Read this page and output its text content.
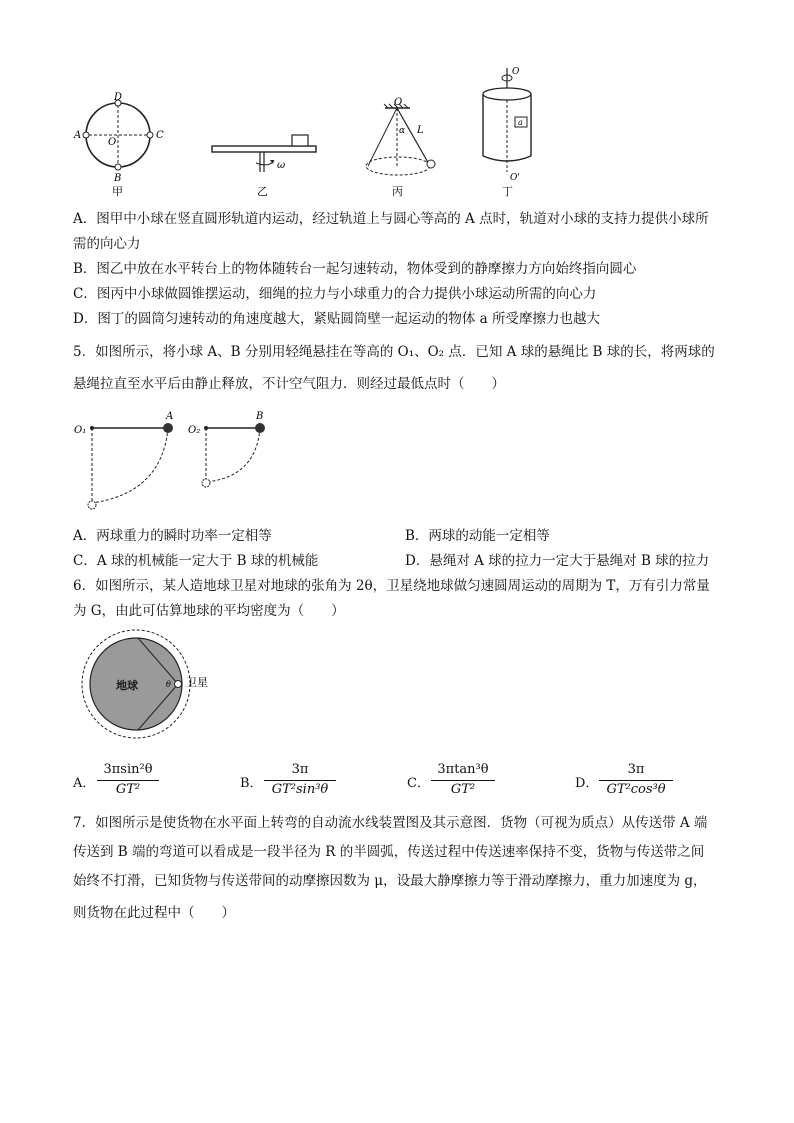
D
A	C
O
B
甲
ω
乙
O
α L
丙
O
a
O'
丁
A．图甲中小球在竖直圆形轨道内运动，经过轨道上与圆心等高的 A 点时，轨道对小球的支持力提供小球所
需的向心力
B．图乙中放在水平转台上的物体随转台一起匀速转动，物体受到的静摩擦力方向始终指向圆心
C．图丙中小球做圆锥摆运动，细绳的拉力与小球重力的合力提供小球运动所需的向心力
D．图丁的圆筒匀速转动的角速度越大，紧贴圆筒壁一起运动的物体 a 所受摩擦力也越大
5．如图所示，将小球 A、B 分别用轻绳悬挂在等高的 O₁、O₂ 点．已知 A 球的悬绳比 B 球的长，将两球的
悬绳拉直至水平后由静止释放，不计空气阻力．则经过最低点时（　　）
O₁
A
O₂
B
A．两球重力的瞬时功率一定相等	B．两球的动能一定相等
C．A 球的机械能一定大于 B 球的机械能	D．悬绳对 A 球的拉力一定大于悬绳对 B 球的拉力
6．如图所示，某人造地球卫星对地球的张角为 2θ，卫星绕地球做匀速圆周运动的周期为 T，万有引力常量
为 G，由此可估算地球的平均密度为（　　）
地球	θ 卫星
A．
3πsin²θ
GT²	B．
3π
GT²sin³θ	C．
3πtan³θ
GT²	D．
3π
GT²cos³θ
7．如图所示是使货物在水平面上转弯的自动流水线装置图及其示意图．货物（可视为质点）从传送带 A 端
传送到 B 端的弯道可以看成是一段半径为 R 的半圆弧，传送过程中传送速率保持不变，货物与传送带之间
始终不打滑，已知货物与传送带间的动摩擦因数为 μ，设最大静摩擦力等于滑动摩擦力，重力加速度为 g，
则货物在此过程中（　　）
